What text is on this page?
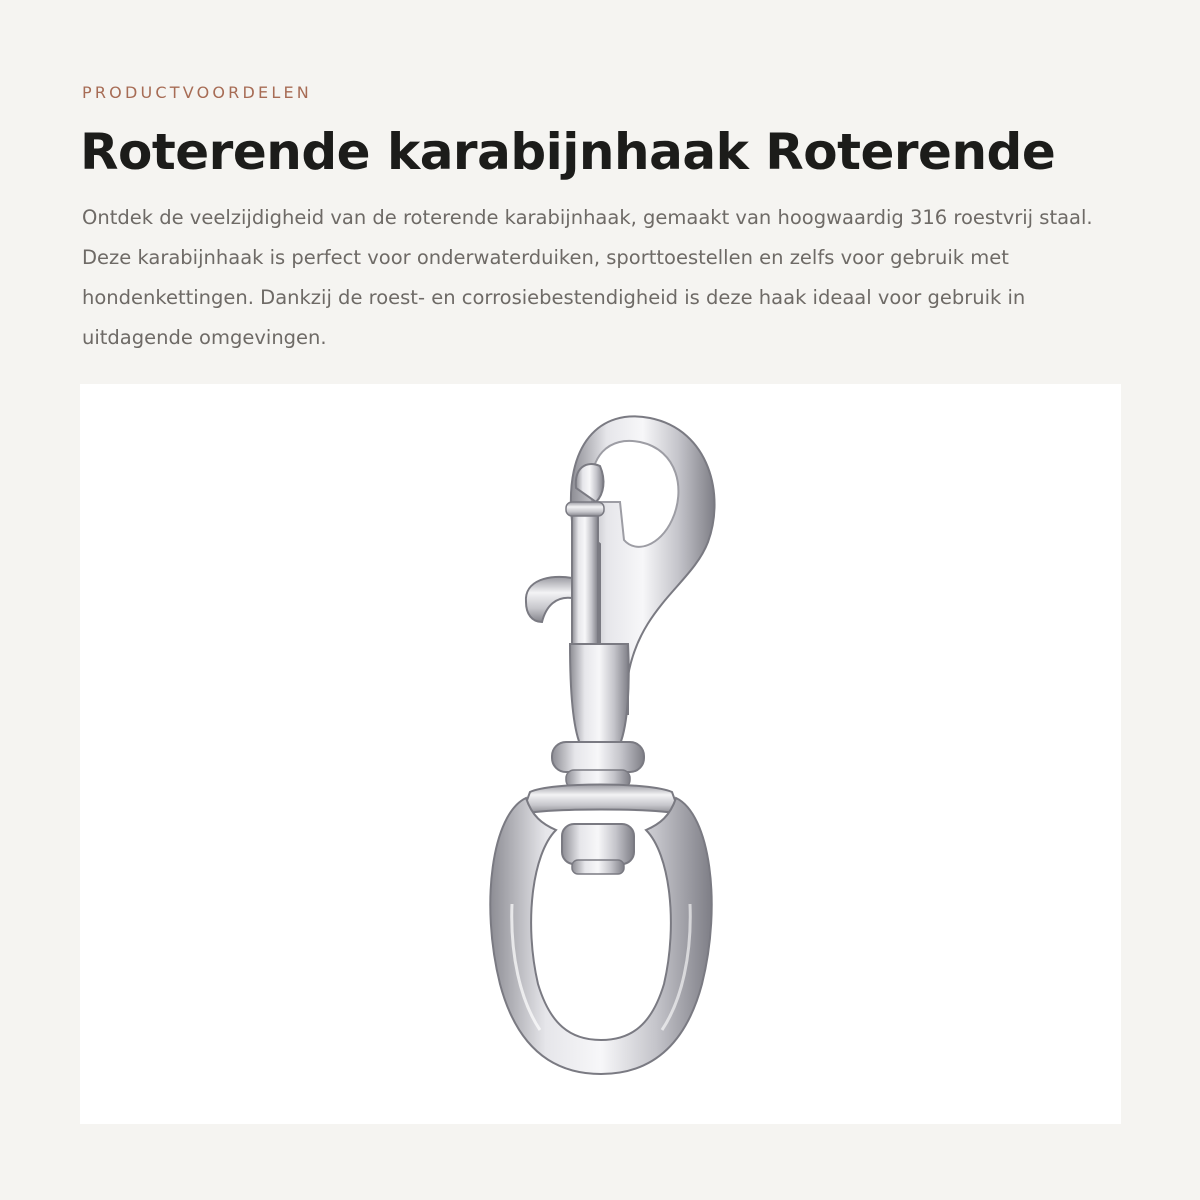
PRODUCTVOORDELEN

Roterende karabijnhaak Roterende

Ontdek de veelzijdigheid van de roterende karabijnhaak, gemaakt van hoogwaardig 316 roestvrij staal. Deze karabijnhaak is perfect voor onderwaterduiken, sporttoestellen en zelfs voor gebruik met hondenkettingen. Dankzij de roest- en corrosiebestendigheid is deze haak ideaal voor gebruik in uitdagende omgevingen.
